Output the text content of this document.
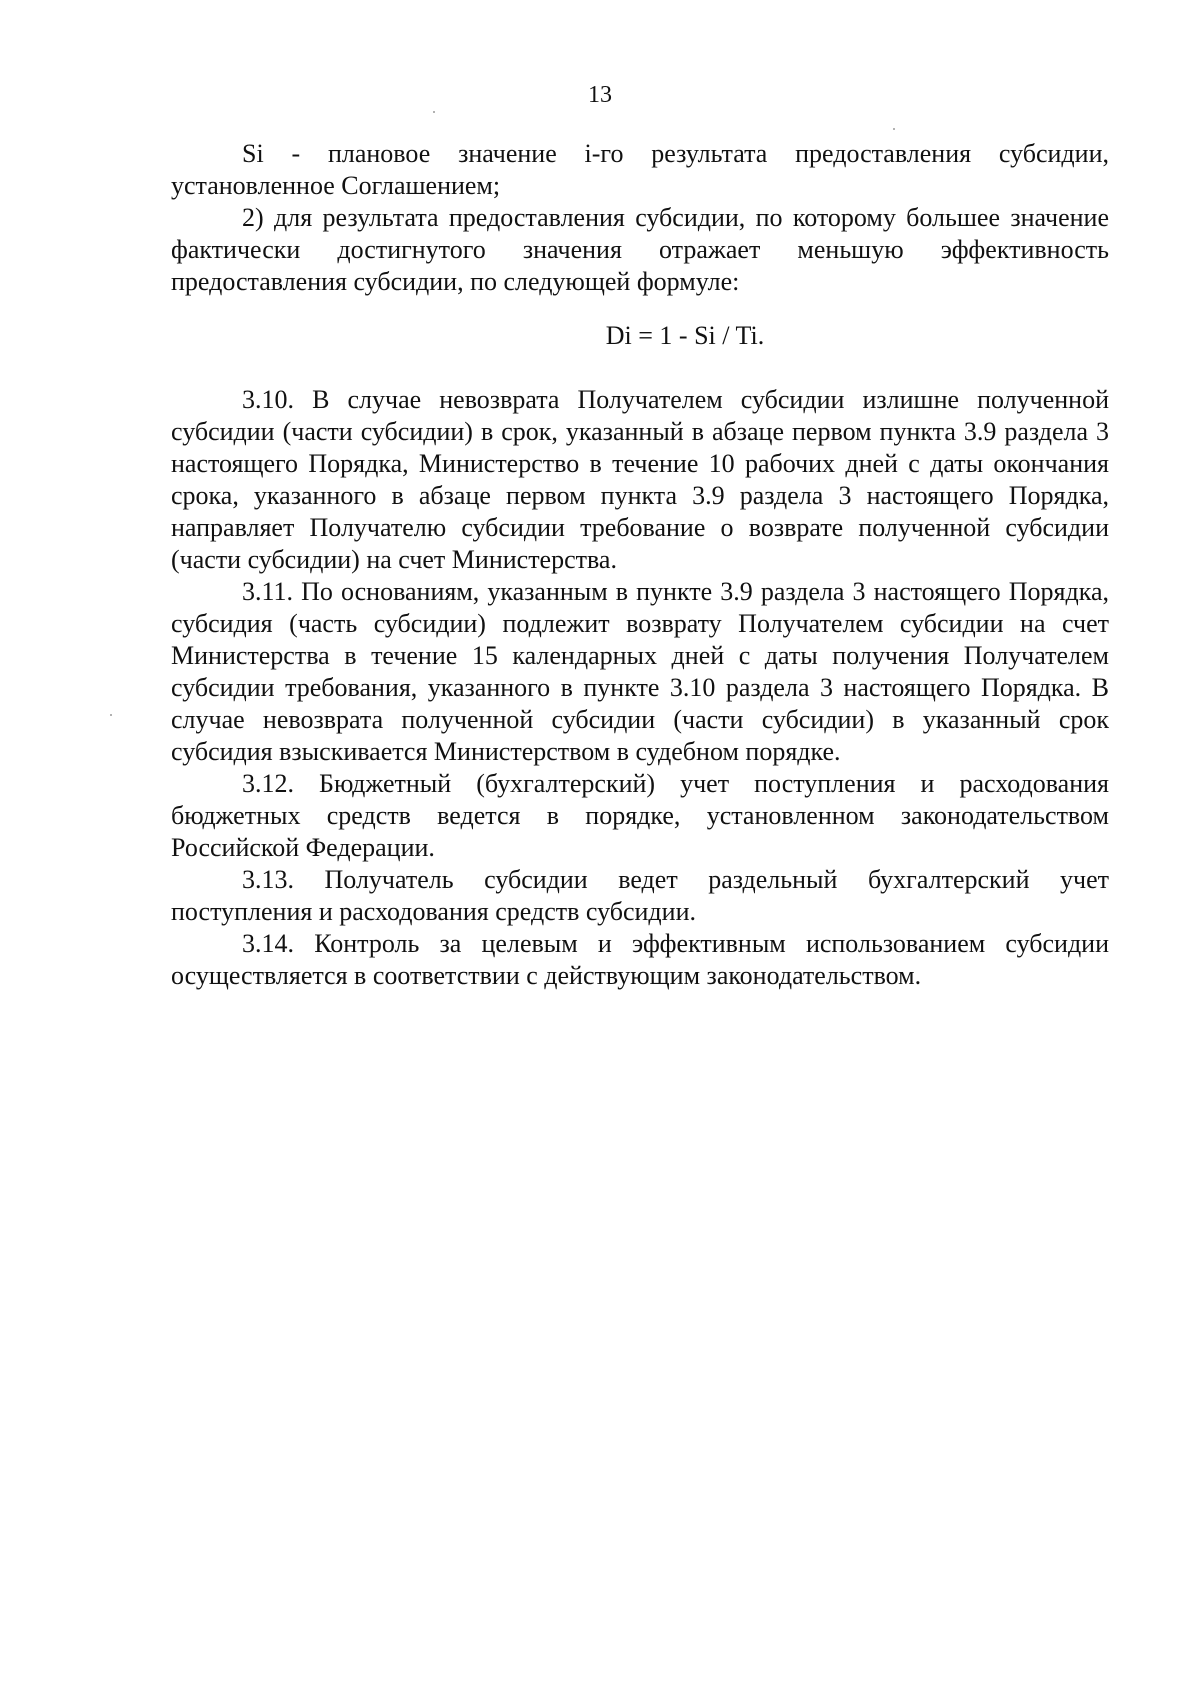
13

Si - плановое значение i-го результата предоставления субсидии, установленное Соглашением;

2) для результата предоставления субсидии, по которому большее значение фактически достигнутого значения отражает меньшую эффективность предоставления субсидии, по следующей формуле:

Di = 1 - Si / Ti.

3.10. В случае невозврата Получателем субсидии излишне полученной субсидии (части субсидии) в срок, указанный в абзаце первом пункта 3.9 раздела 3 настоящего Порядка, Министерство в течение 10 рабочих дней с даты окончания срока, указанного в абзаце первом пункта 3.9 раздела 3 настоящего Порядка, направляет Получателю субсидии требование о возврате полученной субсидии (части субсидии) на счет Министерства.

3.11. По основаниям, указанным в пункте 3.9 раздела 3 настоящего Порядка, субсидия (часть субсидии) подлежит возврату Получателем субсидии на счет Министерства в течение 15 календарных дней с даты получения Получателем субсидии требования, указанного в пункте 3.10 раздела 3 настоящего Порядка. В случае невозврата полученной субсидии (части субсидии) в указанный срок субсидия взыскивается Министерством в судебном порядке.

3.12. Бюджетный (бухгалтерский) учет поступления и расходования бюджетных средств ведется в порядке, установленном законодательством Российской Федерации.

3.13. Получатель субсидии ведет раздельный бухгалтерский учет поступления и расходования средств субсидии.

3.14. Контроль за целевым и эффективным использованием субсидии осуществляется в соответствии с действующим законодательством.
